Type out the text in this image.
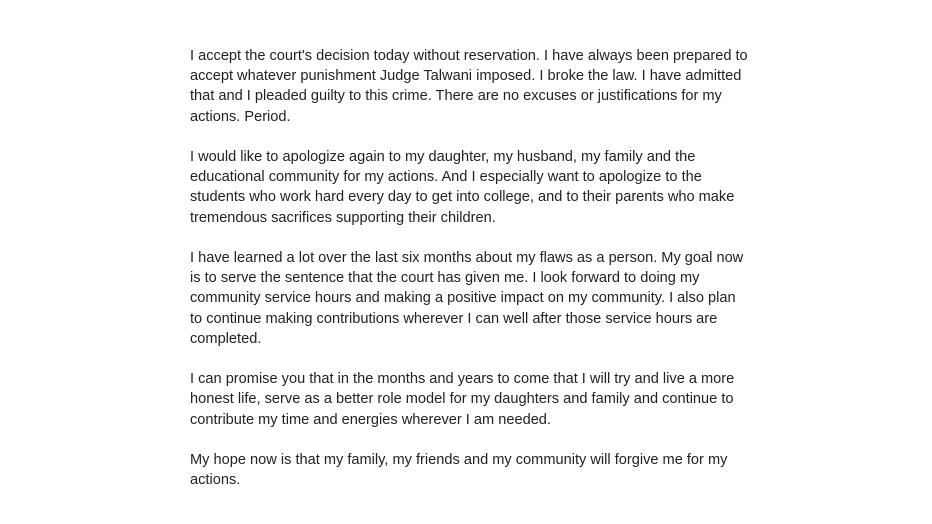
I accept the court's decision today without reservation. I have always been prepared to accept whatever punishment Judge Talwani imposed. I broke the law. I have admitted that and I pleaded guilty to this crime. There are no excuses or justifications for my actions. Period.

I would like to apologize again to my daughter, my husband, my family and the educational community for my actions. And I especially want to apologize to the students who work hard every day to get into college, and to their parents who make tremendous sacrifices supporting their children.

I have learned a lot over the last six months about my flaws as a person. My goal now is to serve the sentence that the court has given me. I look forward to doing my community service hours and making a positive impact on my community. I also plan to continue making contributions wherever I can well after those service hours are completed.

I can promise you that in the months and years to come that I will try and live a more honest life, serve as a better role model for my daughters and family and continue to contribute my time and energies wherever I am needed.

My hope now is that my family, my friends and my community will forgive me for my actions.
